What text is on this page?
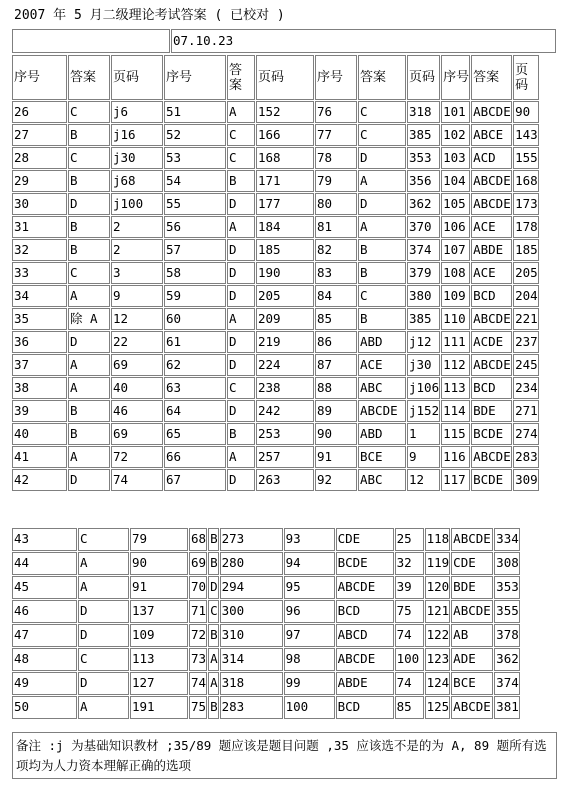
2007 年 5 月二级理论考试答案 ( 已校对 )
	07.10.23
序号	答案	页码	序号	答案	页码	序号	答案	页码	序号	答案	页码
26	C	j6	51	A	152	76	C	318	101	ABCDE	90
27	B	j16	52	C	166	77	C	385	102	ABCE	143
28	C	j30	53	C	168	78	D	353	103	ACD	155
29	B	j68	54	B	171	79	A	356	104	ABCDE	168
30	D	j100	55	D	177	80	D	362	105	ABCDE	173
31	B	2	56	A	184	81	A	370	106	ACE	178
32	B	2	57	D	185	82	B	374	107	ABDE	185
33	C	3	58	D	190	83	B	379	108	ACE	205
34	A	9	59	D	205	84	C	380	109	BCD	204
35	除 A	12	60	A	209	85	B	385	110	ABCDE	221
36	D	22	61	D	219	86	ABD	j12	111	ACDE	237
37	A	69	62	D	224	87	ACE	j30	112	ABCDE	245
38	A	40	63	C	238	88	ABC	j106	113	BCD	234
39	B	46	64	D	242	89	ABCDE	j152	114	BDE	271
40	B	69	65	B	253	90	ABD	1	115	BCDE	274
41	A	72	66	A	257	91	BCE	9	116	ABCDE	283
42	D	74	67	D	263	92	ABC	12	117	BCDE	309
43	C	79	68	B	273	93	CDE	25	118	ABCDE	334
44	A	90	69	B	280	94	BCDE	32	119	CDE	308
45	A	91	70	D	294	95	ABCDE	39	120	BDE	353
46	D	137	71	C	300	96	BCD	75	121	ABCDE	355
47	D	109	72	B	310	97	ABCD	74	122	AB	378
48	C	113	73	A	314	98	ABCDE	100	123	ADE	362
49	D	127	74	A	318	99	ABDE	74	124	BCE	374
50	A	191	75	B	283	100	BCD	85	125	ABCDE	381
备注 :j 为基础知识教材 ;35/89 题应该是题目问题 ,35 应该选不是的为 A, 89 题所有选项均为人力资本理解正确的选项
